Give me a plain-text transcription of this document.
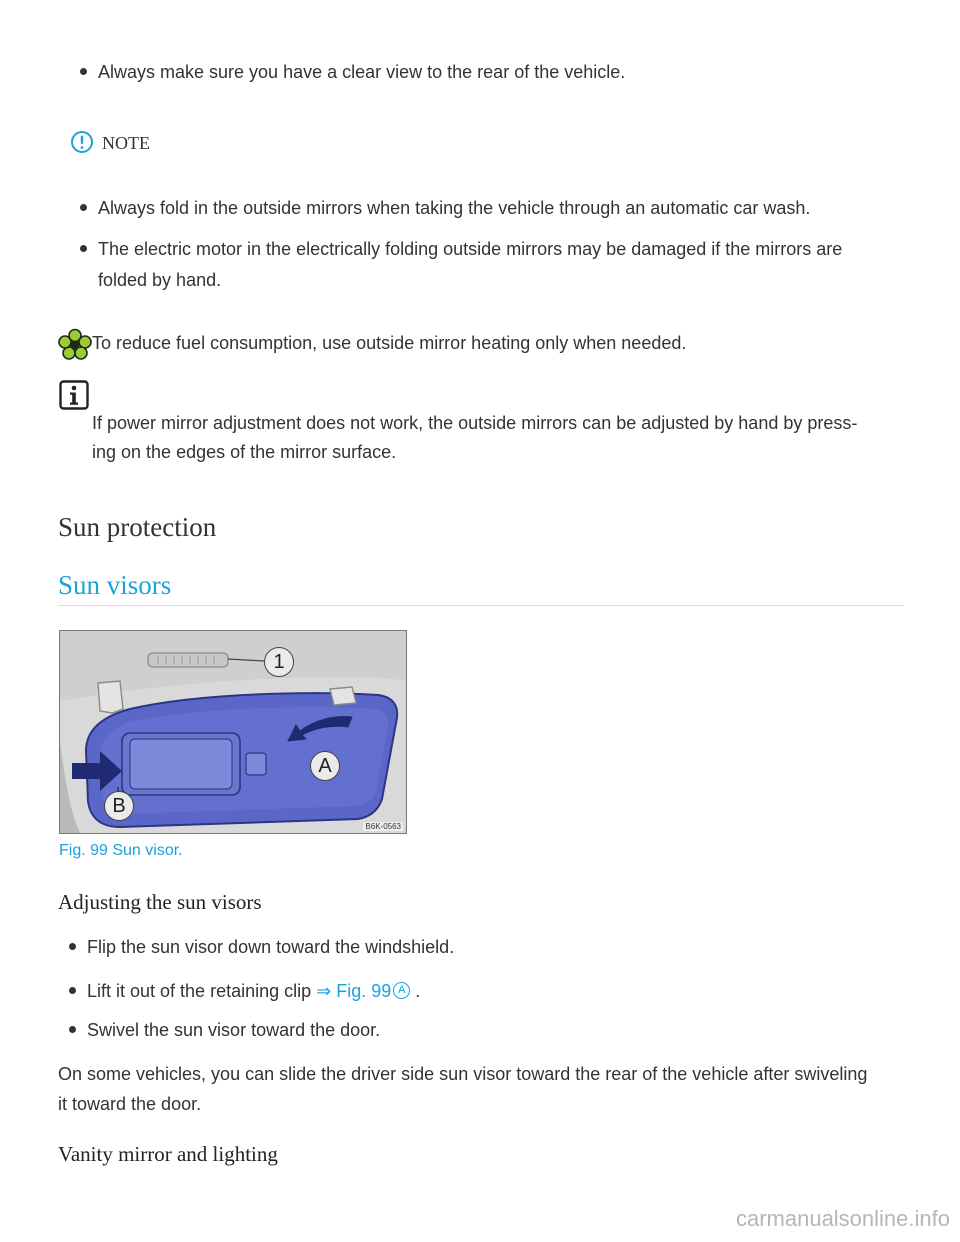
Always make sure you have a clear view to the rear of the vehicle.
NOTE
Always fold in the outside mirrors when taking the vehicle through an automatic car wash.
The electric motor in the electrically folding outside mirrors may be damaged if the mirrors are
folded by hand.
To reduce fuel consumption, use outside mirror heating only when needed.
If power mirror adjustment does not work, the outside mirrors can be adjusted by hand by press-
ing on the edges of the mirror surface.
Sun protection
Sun visors
1
A
B
B6K-0563
Fig. 99 Sun visor.
Adjusting the sun visors
Flip the sun visor down toward the windshield.
Lift it out of the retaining clip ⇒ Fig. 99 A .
Swivel the sun visor toward the door.
On some vehicles, you can slide the driver side sun visor toward the rear of the vehicle after swiveling
it toward the door.
Vanity mirror and lighting
carmanualsonline.info
